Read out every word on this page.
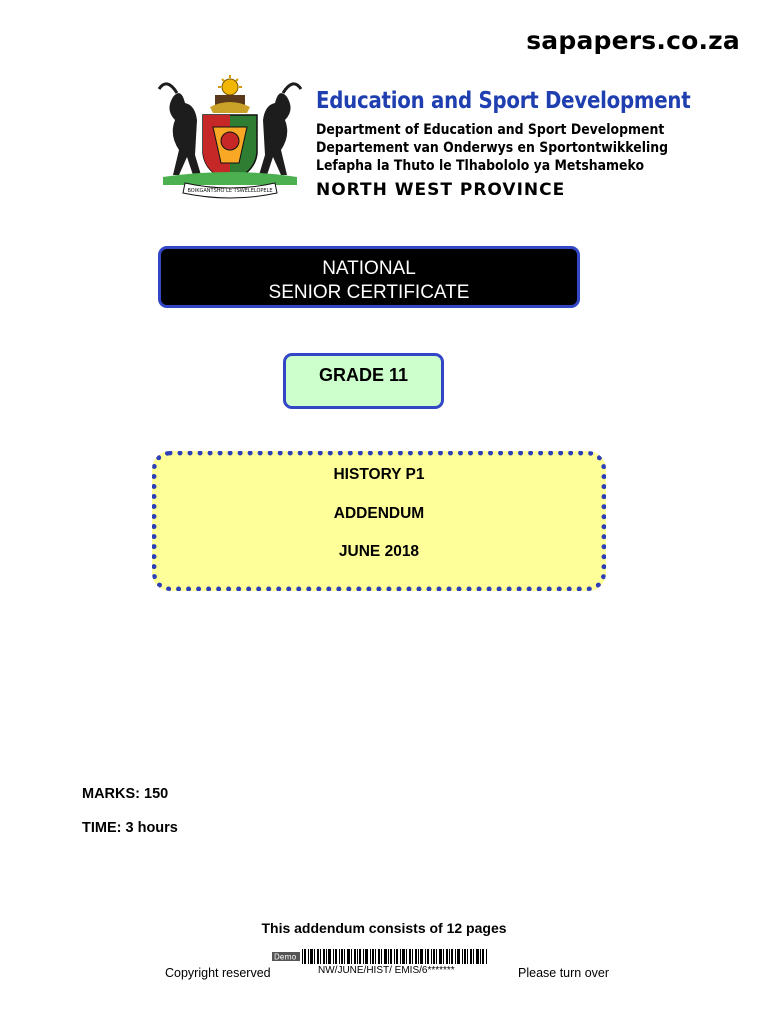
sapapers.co.za
BOIKGANTSHO LE TSWELELOPELE
Education and Sport Development
Department of Education and Sport Development
Departement van Onderwys en Sportontwikkeling
Lefapha la Thuto le Tlhabololo ya Metshameko
NORTH WEST PROVINCE
NATIONAL
SENIOR CERTIFICATE
GRADE 11
HISTORY P1
ADDENDUM
JUNE 2018
MARKS: 150
TIME: 3 hours
This addendum consists of 12 pages
Demo
Copyright reserved	NW/JUNE/HIST/ EMIS/6*******	Please turn over
